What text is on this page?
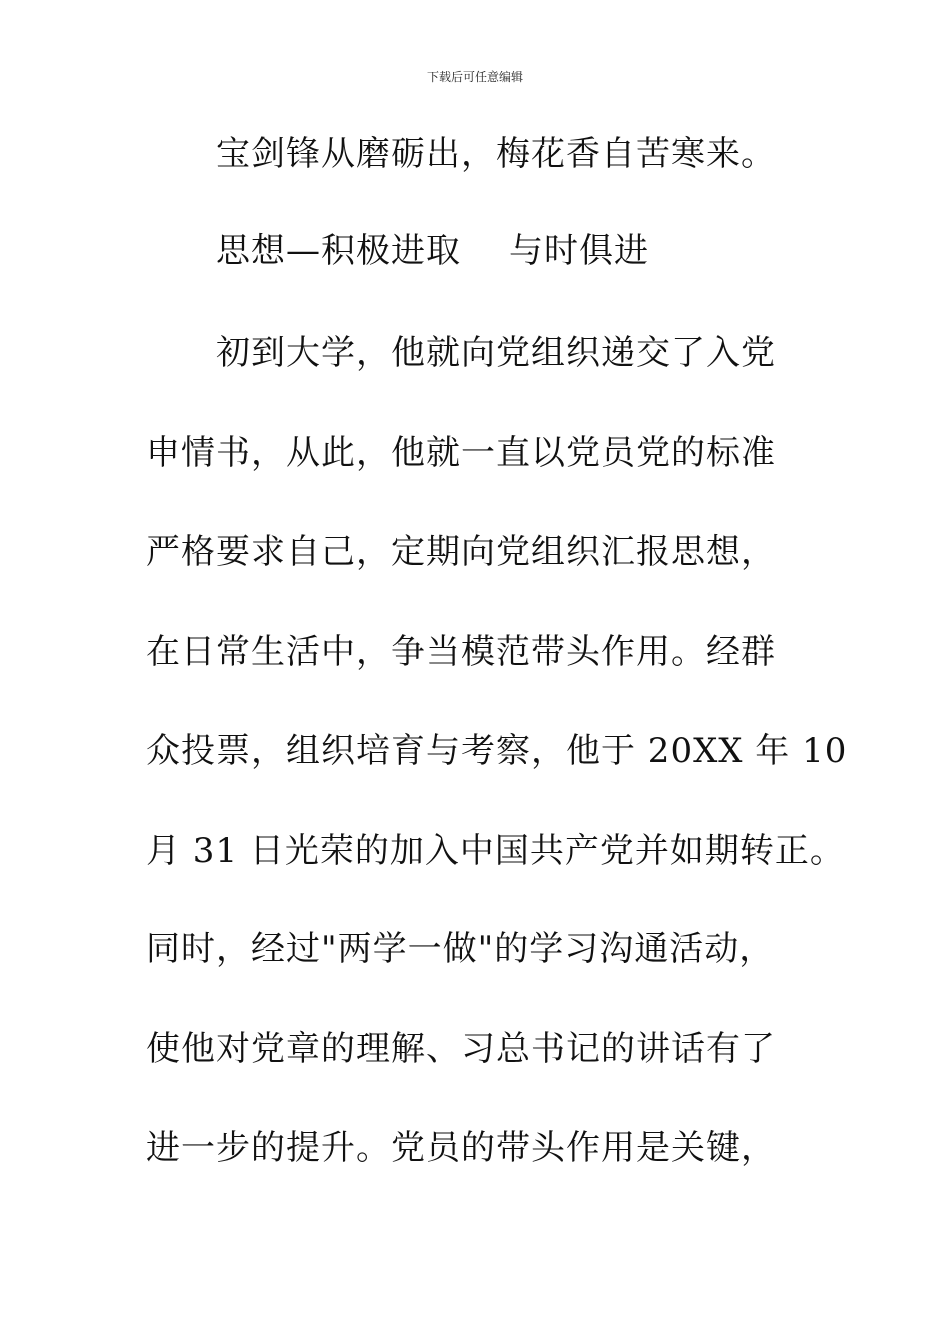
下载后可任意编辑
宝剑锋从磨砺出，梅花香自苦寒来。
思想—积极进取 与时俱进
初到大学，他就向党组织递交了入党
申情书，从此，他就一直以党员党的标准
严格要求自己，定期向党组织汇报思想，
在日常生活中，争当模范带头作用。经群
众投票，组织培育与考察，他于 20XX 年 10
月 31 日光荣的加入中国共产党并如期转正。
同时，经过"两学一做"的学习沟通活动，
使他对党章的理解、习总书记的讲话有了
进一步的提升。党员的带头作用是关键，
